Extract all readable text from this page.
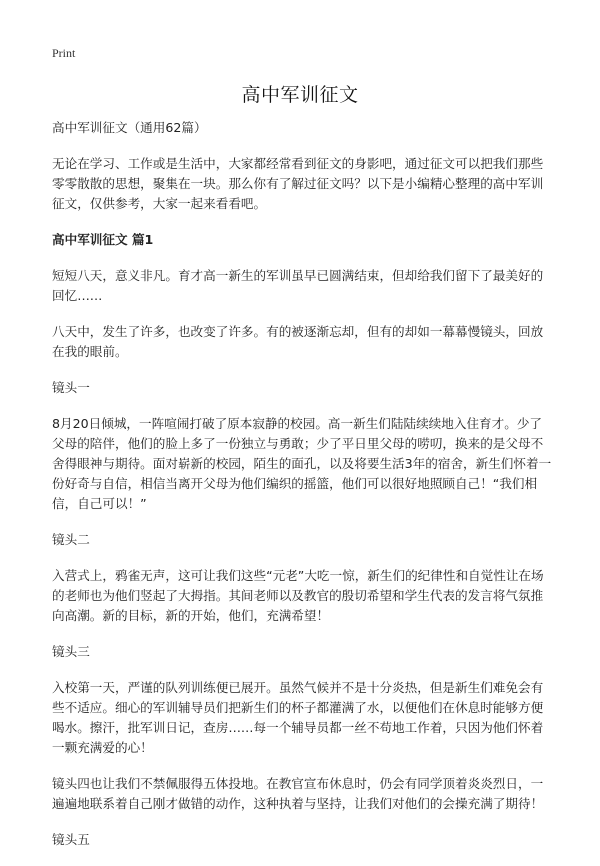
Print
高中军训征文

高中军训征文（通用62篇）

无论在学习、工作或是生活中，大家都经常看到征文的身影吧，通过征文可以把我们那些零零散散的思想，聚集在一块。那么你有了解过征文吗？以下是小编精心整理的高中军训征文，仅供参考，大家一起来看看吧。

高中军训征文 篇1

短短八天，意义非凡。育才高一新生的军训虽早已圆满结束，但却给我们留下了最美好的回忆……

八天中，发生了许多，也改变了许多。有的被逐渐忘却，但有的却如一幕幕慢镜头，回放在我的眼前。

镜头一

8月20日倾城，一阵喧闹打破了原本寂静的校园。高一新生们陆陆续续地入住育才。少了父母的陪伴，他们的脸上多了一份独立与勇敢；少了平日里父母的唠叨，换来的是父母不舍得眼神与期待。面对崭新的校园，陌生的面孔，以及将要生活3年的宿舍，新生们怀着一份好奇与自信，相信当离开父母为他们编织的摇篮，他们可以很好地照顾自己！“我们相信，自己可以！”

镜头二

入营式上，鸦雀无声，这可让我们这些“元老”大吃一惊，新生们的纪律性和自觉性让在场的老师也为他们竖起了大拇指。其间老师以及教官的殷切希望和学生代表的发言将气氛推向高潮。新的目标，新的开始，他们，充满希望！

镜头三

入校第一天，严谨的队列训练便已展开。虽然气候并不是十分炎热，但是新生们难免会有些不适应。细心的军训辅导员们把新生们的杯子都灌满了水，以便他们在休息时能够方便喝水。擦汗，批军训日记，查房……每一个辅导员都一丝不苟地工作着，只因为他们怀着一颗充满爱的心！

镜头四也让我们不禁佩服得五体投地。在教官宣布休息时，仍会有同学顶着炎炎烈日，一遍遍地联系着自己刚才做错的动作，这种执着与坚持，让我们对他们的会操充满了期待！

镜头五
